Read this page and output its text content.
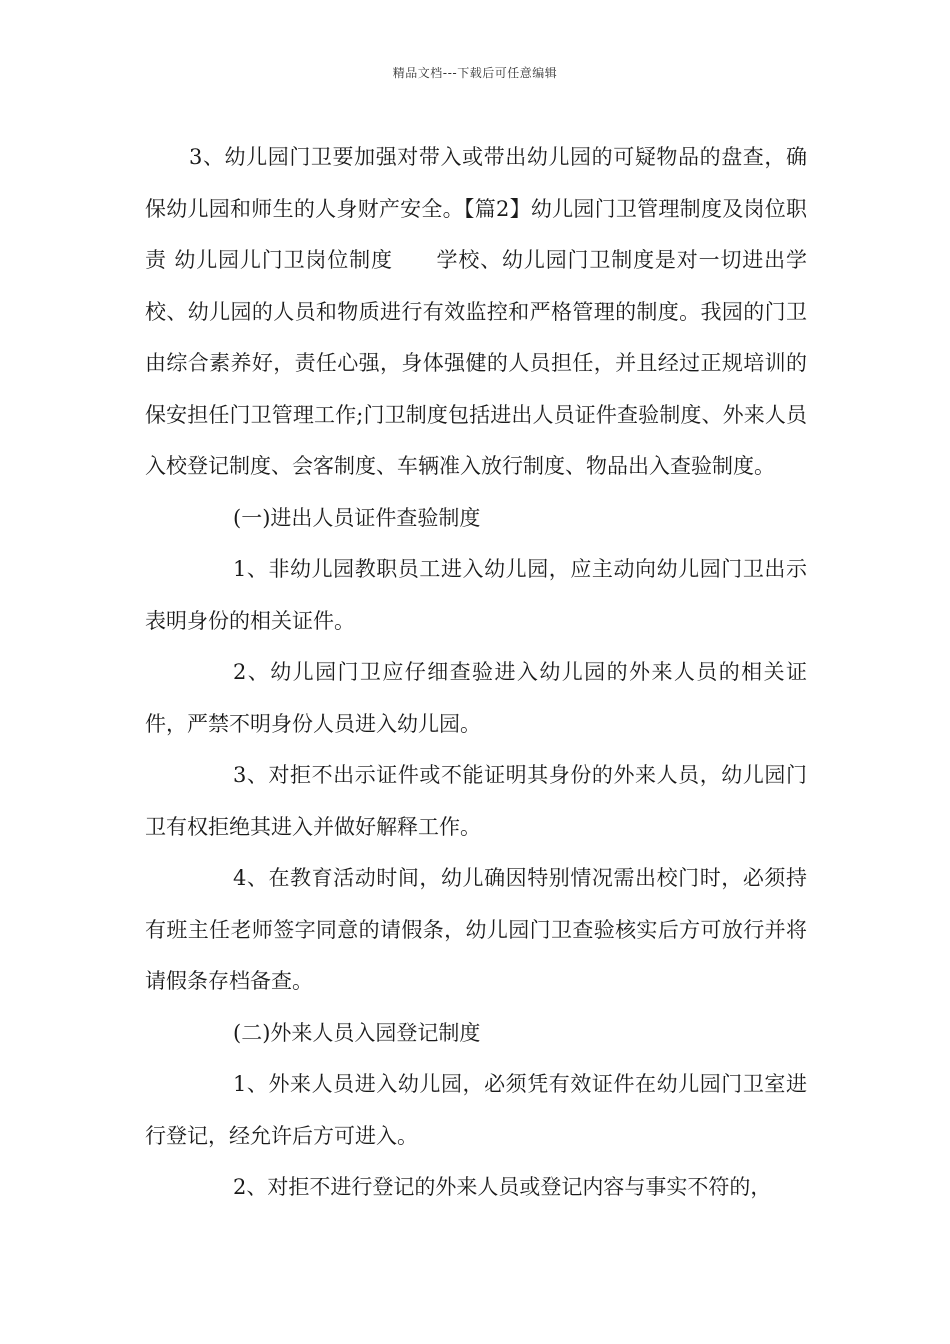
精品文档---下载后可任意编辑

3、幼儿园门卫要加强对带入或带出幼儿园的可疑物品的盘查，确保幼儿园和师生的人身财产安全。【篇2】幼儿园门卫管理制度及岗位职责 幼儿园儿门卫岗位制度　　学校、幼儿园门卫制度是对一切进出学校、幼儿园的人员和物质进行有效监控和严格管理的制度。我园的门卫由综合素养好，责任心强，身体强健的人员担任，并且经过正规培训的保安担任门卫管理工作;门卫制度包括进出人员证件查验制度、外来人员入校登记制度、会客制度、车辆准入放行制度、物品出入查验制度。

(一)进出人员证件查验制度

1、非幼儿园教职员工进入幼儿园，应主动向幼儿园门卫出示表明身份的相关证件。

2、幼儿园门卫应仔细查验进入幼儿园的外来人员的相关证件，严禁不明身份人员进入幼儿园。

3、对拒不出示证件或不能证明其身份的外来人员，幼儿园门卫有权拒绝其进入并做好解释工作。

4、在教育活动时间，幼儿确因特别情况需出校门时，必须持有班主任老师签字同意的请假条，幼儿园门卫查验核实后方可放行并将请假条存档备查。

(二)外来人员入园登记制度

1、外来人员进入幼儿园，必须凭有效证件在幼儿园门卫室进行登记，经允许后方可进入。

2、对拒不进行登记的外来人员或登记内容与事实不符的，
